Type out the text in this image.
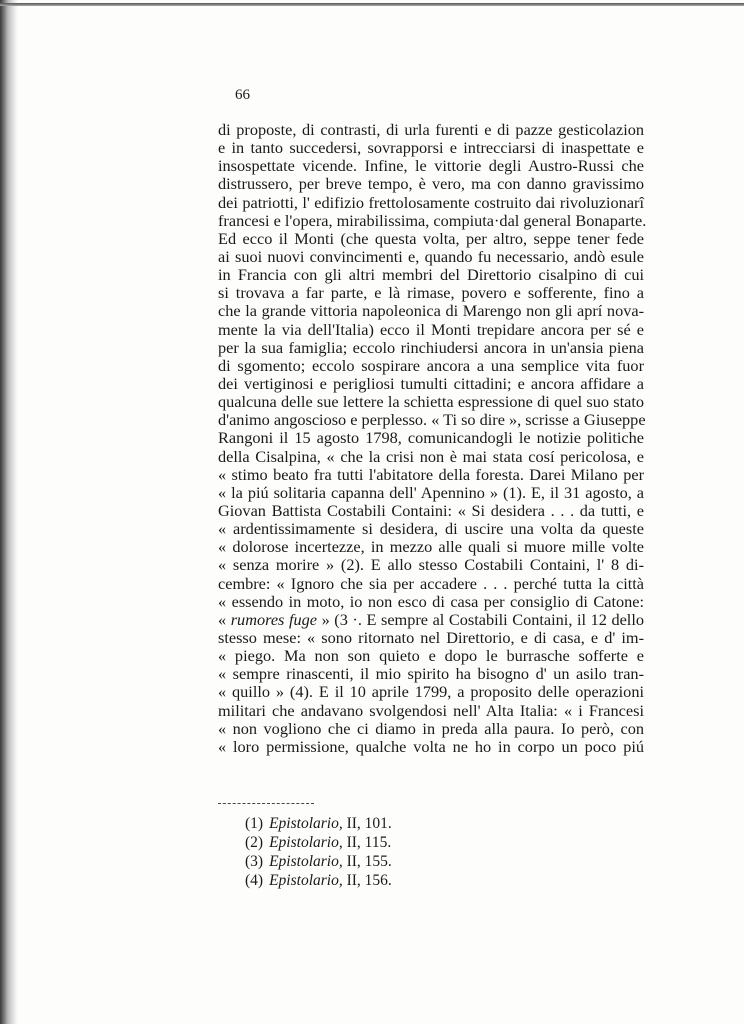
66
di proposte, di contrasti, di urla furenti e di pazze gesticolazion
e in tanto succedersi, sovrapporsi e intrecciarsi di inaspettate e
insospettate vicende. Infine, le vittorie degli Austro-Russi che
distrussero, per breve tempo, è vero, ma con danno gravissimo
dei patriotti, l' edifizio frettolosamente costruito dai rivoluzionarî
francesi e l'opera, mirabilissima, compiuta·dal general Bonaparte.
Ed ecco il Monti (che questa volta, per altro, seppe tener fede
ai suoi nuovi convincimenti e, quando fu necessario, andò esule
in Francia con gli altri membri del Direttorio cisalpino di cui
si trovava a far parte, e là rimase, povero e sofferente, fino a
che la grande vittoria napoleonica di Marengo non gli aprí nova-
mente la via dell'Italia) ecco il Monti trepidare ancora per sé e
per la sua famiglia; eccolo rinchiudersi ancora in un'ansia piena
di sgomento; eccolo sospirare ancora a una semplice vita fuor
dei vertiginosi e perigliosi tumulti cittadini; e ancora affidare a
qualcuna delle sue lettere la schietta espressione di quel suo stato
d'animo angoscioso e perplesso. « Ti so dire », scrisse a Giuseppe
Rangoni il 15 agosto 1798, comunicandogli le notizie politiche
della Cisalpina, « che la crisi non è mai stata cosí pericolosa, e
« stimo beato fra tutti l'abitatore della foresta. Darei Milano per
« la piú solitaria capanna dell' Apennino » (1). E, il 31 agosto, a
Giovan Battista Costabili Containi: « Si desidera . . . da tutti, e
« ardentissimamente si desidera, di uscire una volta da queste
« dolorose incertezze, in mezzo alle quali si muore mille volte
« senza morire » (2). E allo stesso Costabili Containi, l' 8 di-
cembre: « Ignoro che sia per accadere . . . perché tutta la città
« essendo in moto, io non esco di casa per consiglio di Catone:
« rumores fuge » (3 ·. E sempre al Costabili Containi, il 12 dello
stesso mese: « sono ritornato nel Direttorio, e di casa, e d' im-
« piego. Ma non son quieto e dopo le burrasche sofferte e
« sempre rinascenti, il mio spirito ha bisogno d' un asilo tran-
« quillo » (4). E il 10 aprile 1799, a proposito delle operazioni
militari che andavano svolgendosi nell' Alta Italia: « i Francesi
« non vogliono che ci diamo in preda alla paura. Io però, con
« loro permissione, qualche volta ne ho in corpo un poco piú
(1) Epistolario, II, 101.
(2) Epistolario, II, 115.
(3) Epistolario, II, 155.
(4) Epistolario, II, 156.
